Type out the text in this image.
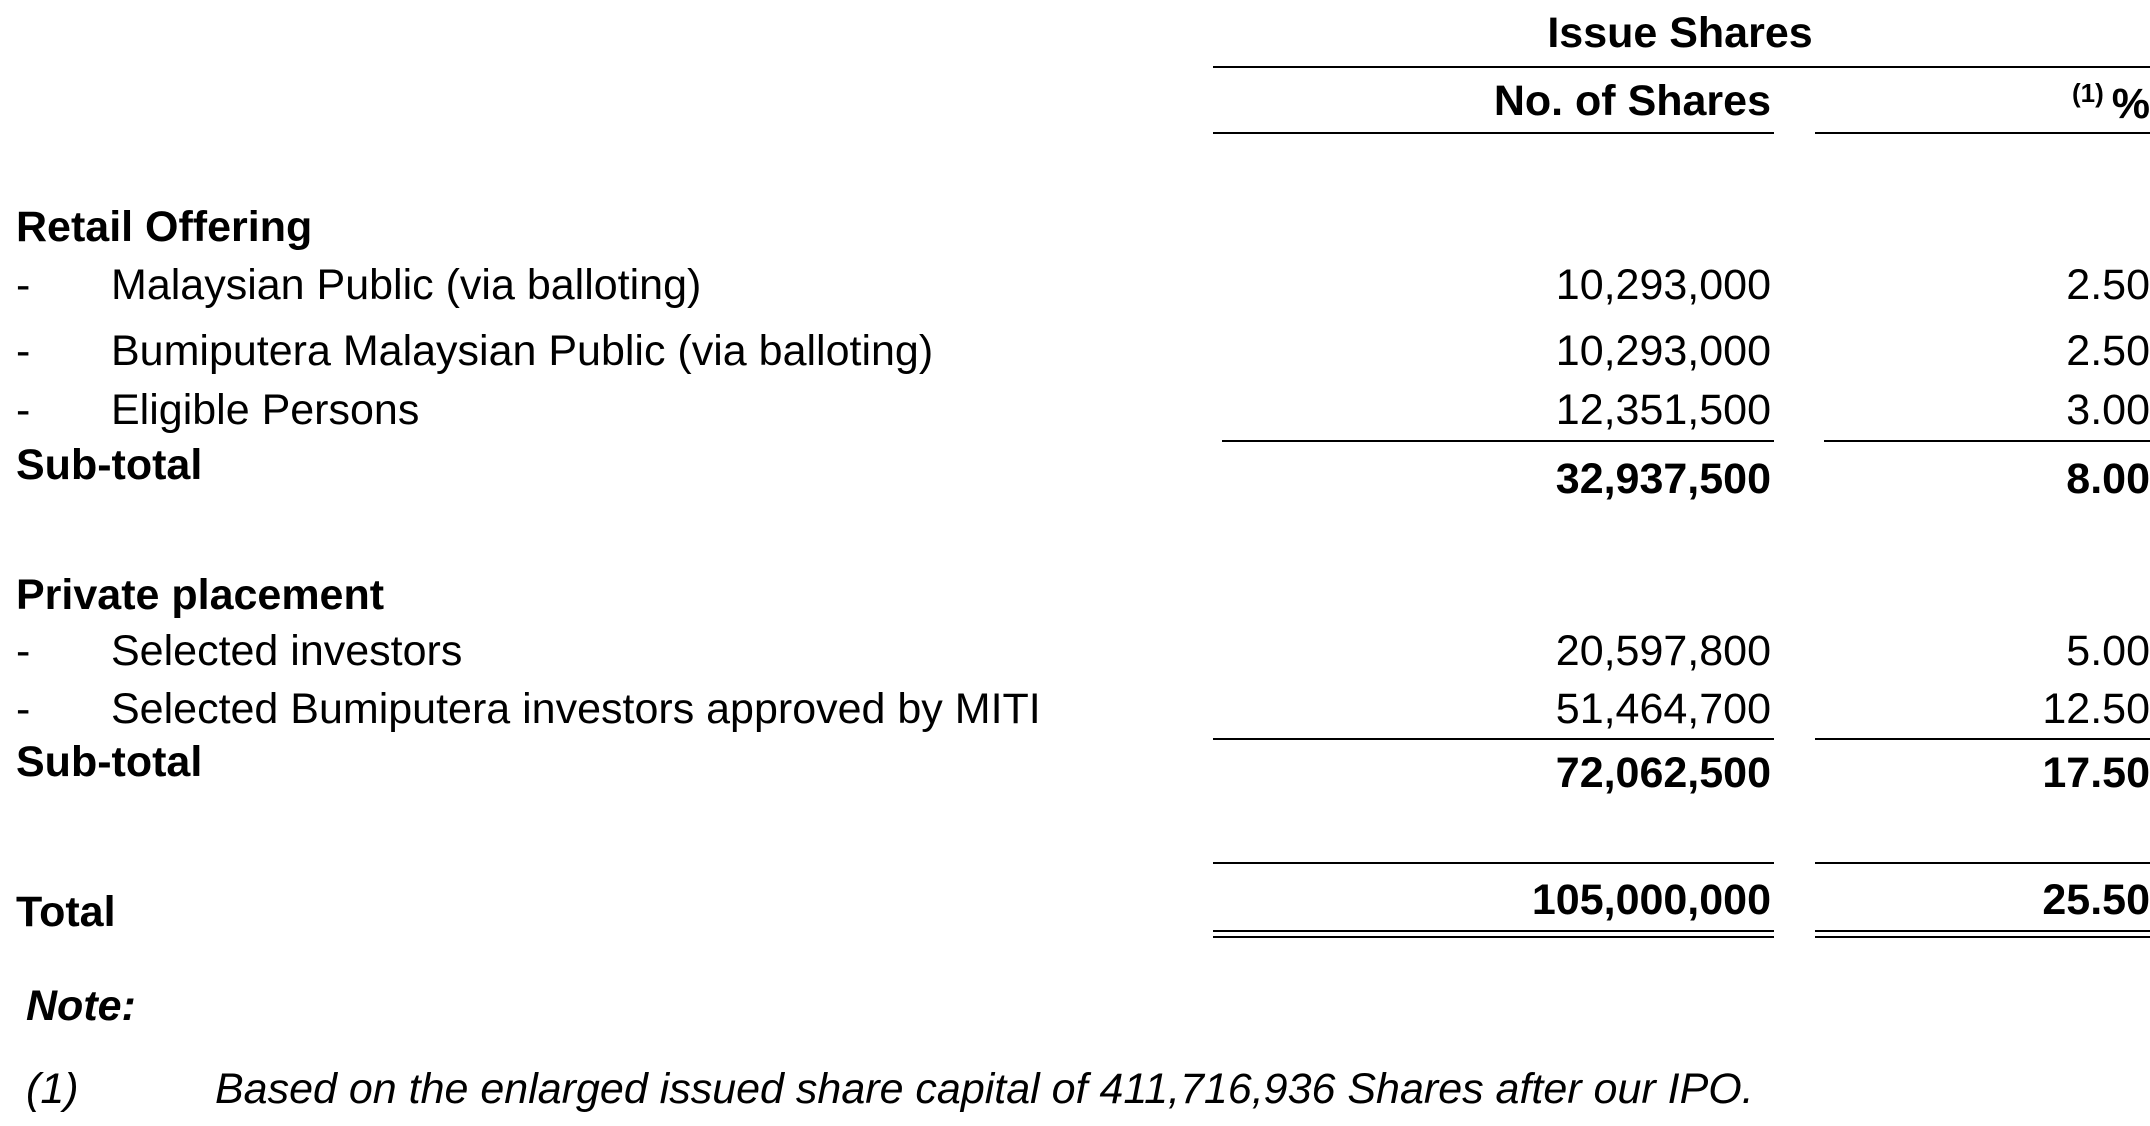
Issue Shares
No. of Shares	$^{(1)}$ %
Retail Offering
- Malaysian Public (via balloting)	10,293,000	2.50
- Bumiputera Malaysian Public (via balloting)	10,293,000	2.50
- Eligible Persons	12,351,500	3.00
Sub-total	32,937,500	8.00
Private placement
- Selected investors	20,597,800	5.00
- Selected Bumiputera investors approved by MITI	51,464,700	12.50
Sub-total	72,062,500	17.50
Total	105,000,000	25.50
Note:
(1)	Based on the enlarged issued share capital of 411,716,936 Shares after our IPO.
